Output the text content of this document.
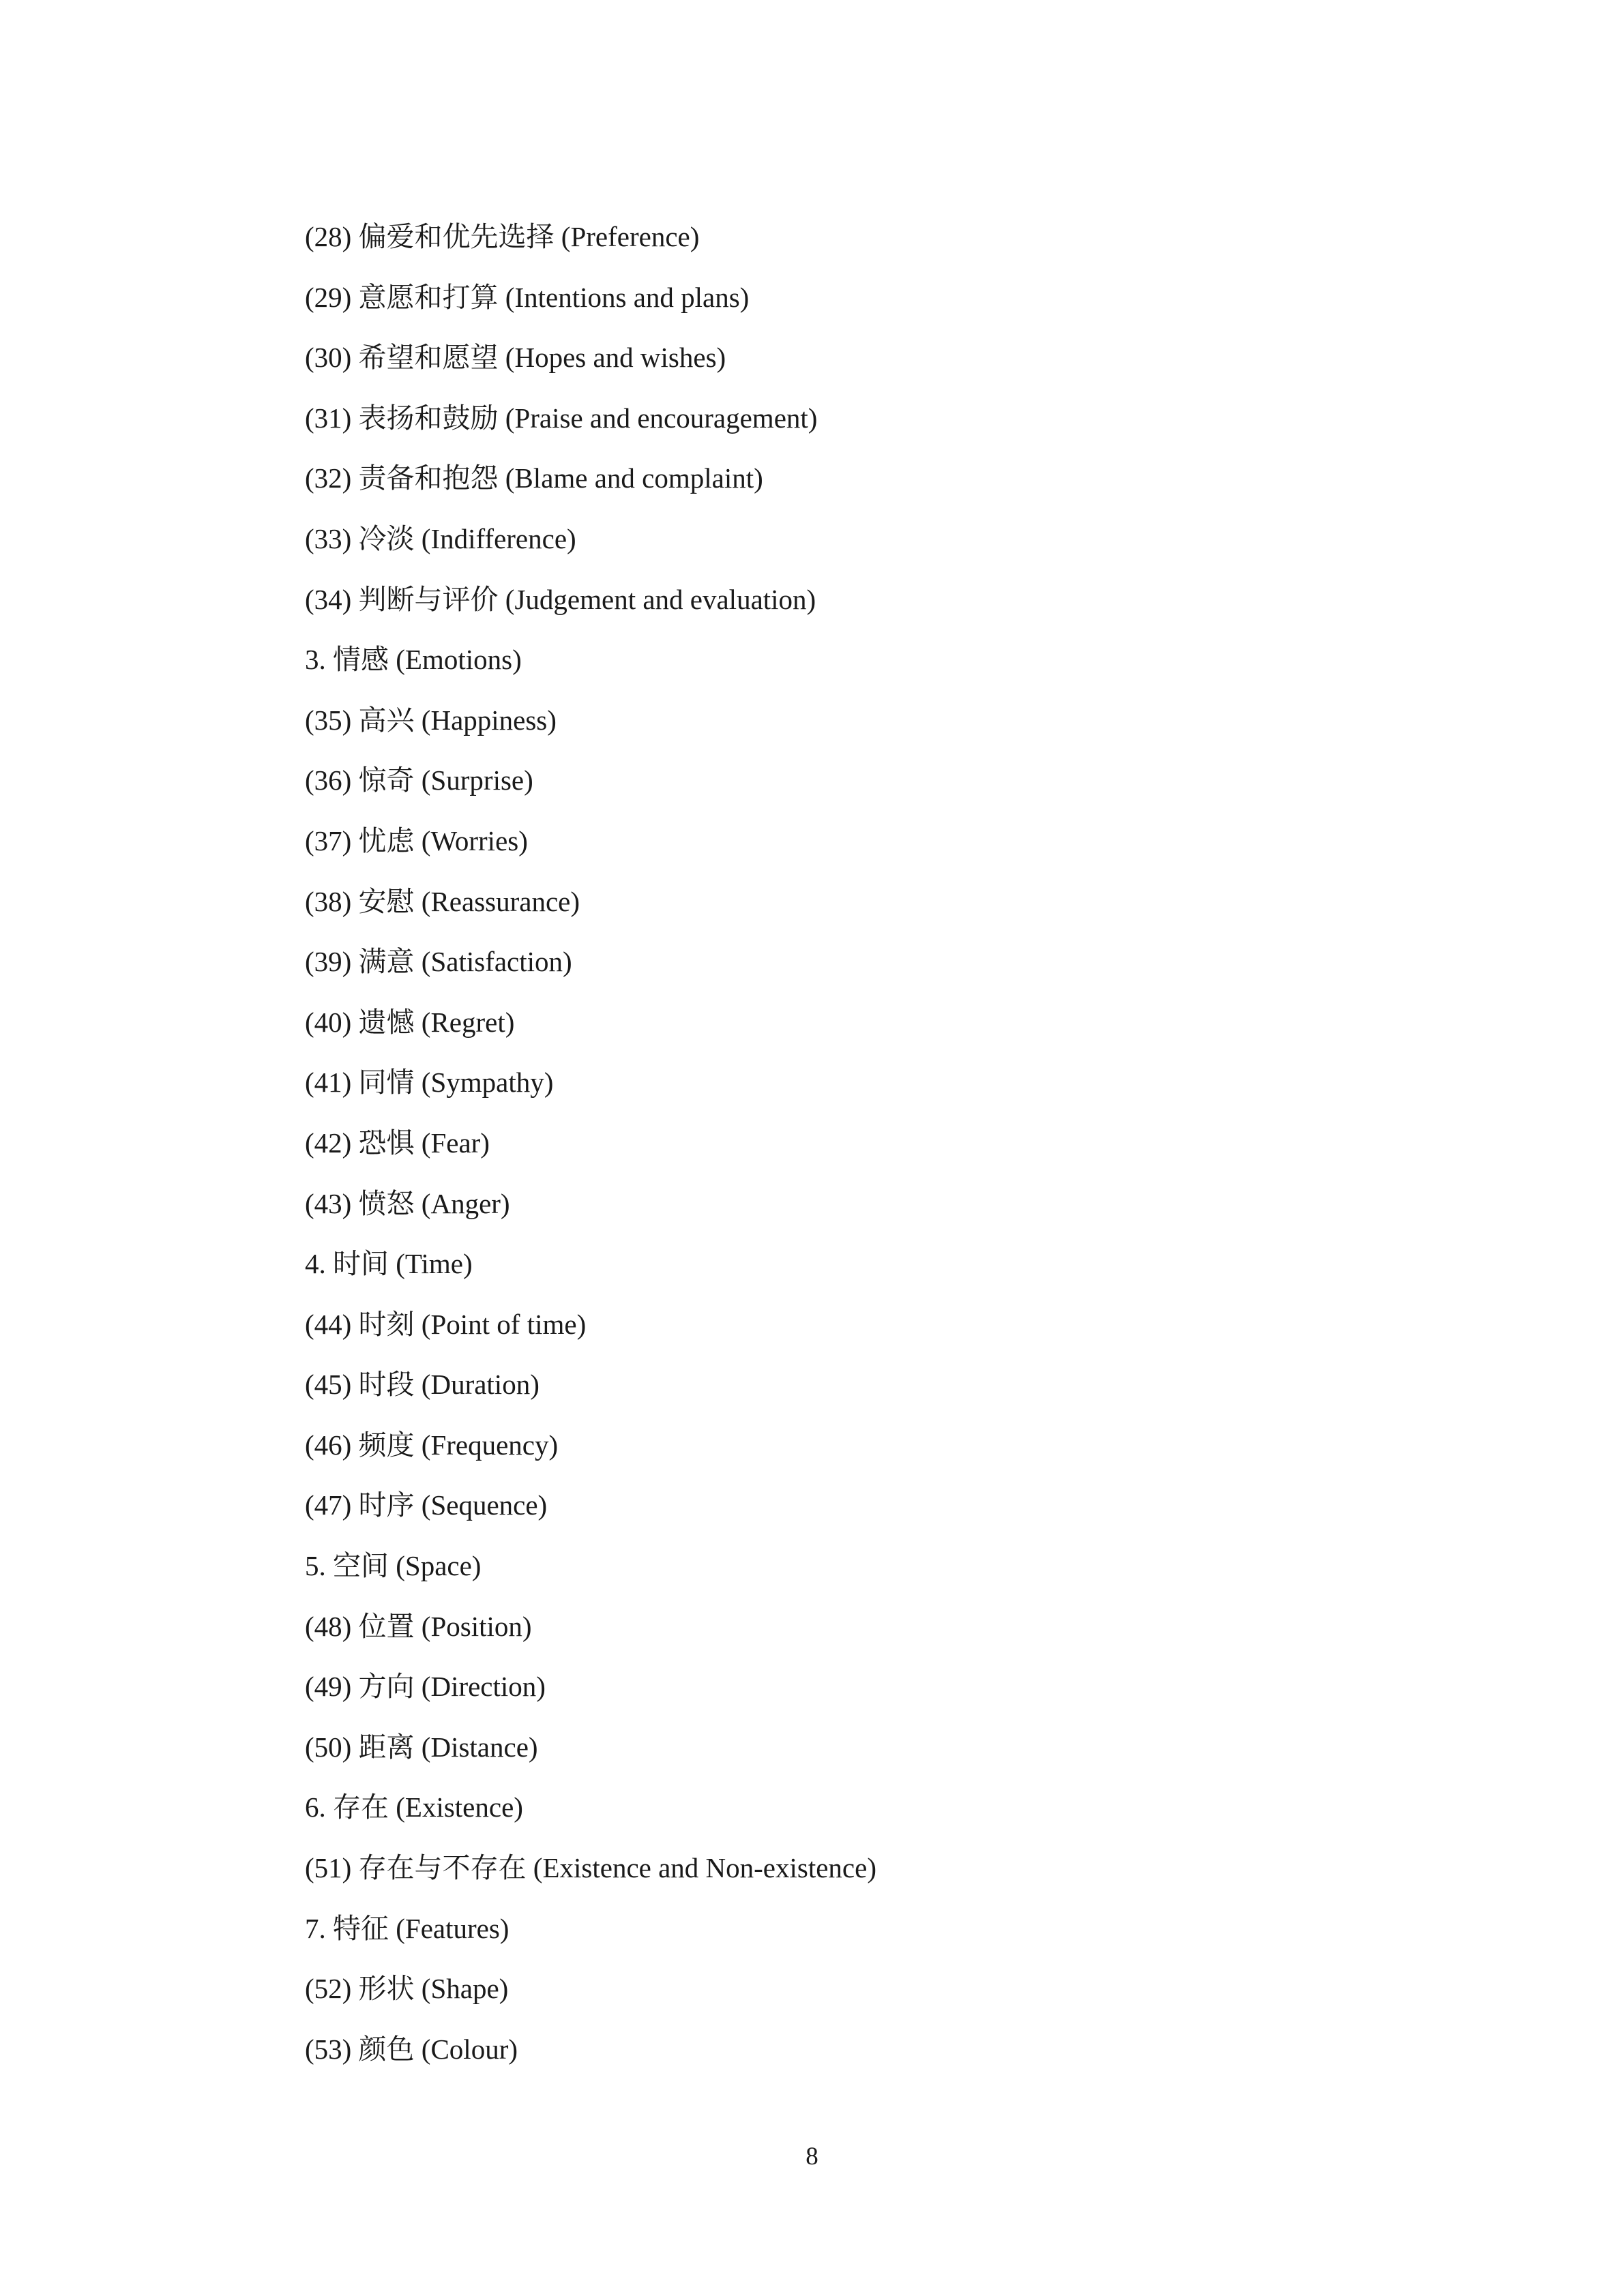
(28) 偏爱和优先选择 (Preference)
(29) 意愿和打算 (Intentions and plans)
(30) 希望和愿望 (Hopes and wishes)
(31) 表扬和鼓励 (Praise and encouragement)
(32) 责备和抱怨 (Blame and complaint)
(33) 冷淡 (Indifference)
(34) 判断与评价 (Judgement and evaluation)
3. 情感 (Emotions)
(35) 高兴 (Happiness)
(36) 惊奇 (Surprise)
(37) 忧虑 (Worries)
(38) 安慰 (Reassurance)
(39) 满意 (Satisfaction)
(40) 遗憾 (Regret)
(41) 同情 (Sympathy)
(42) 恐惧 (Fear)
(43) 愤怒 (Anger)
4. 时间 (Time)
(44) 时刻 (Point of time)
(45) 时段 (Duration)
(46) 频度 (Frequency)
(47) 时序 (Sequence)
5. 空间 (Space)
(48) 位置 (Position)
(49) 方向 (Direction)
(50) 距离 (Distance)
6. 存在 (Existence)
(51) 存在与不存在 (Existence and Non-existence)
7. 特征 (Features)
(52) 形状 (Shape)
(53) 颜色 (Colour)
8
